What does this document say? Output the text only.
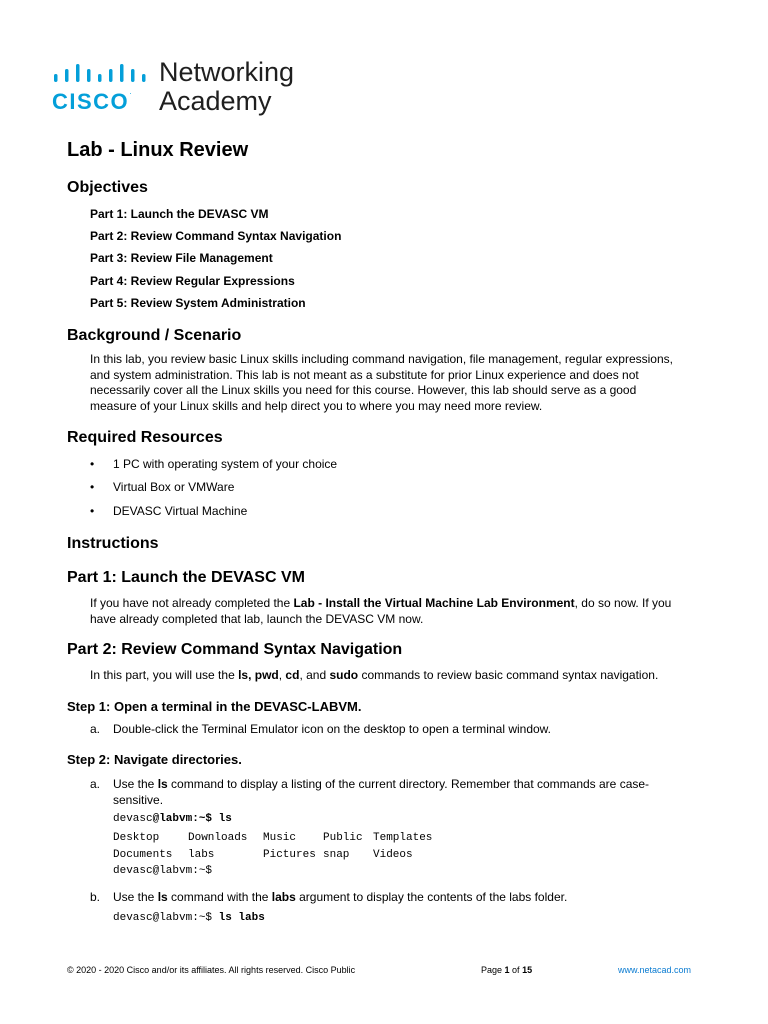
CISCO.
Networking
Academy
Lab - Linux Review
Objectives

Part 1: Launch the DEVASC VM

Part 2: Review Command Syntax Navigation

Part 3: Review File Management

Part 4: Review Regular Expressions

Part 5: Review System Administration

Background / Scenario
In this lab, you review basic Linux skills including command navigation, file management, regular expressions,
and system administration. This lab is not meant as a substitute for prior Linux experience and does not
necessarily cover all the Linux skills you need for this course. However, this lab should serve as a good
measure of your Linux skills and help direct you to where you may need more review.
Required Resources

• 1 PC with operating system of your choice

• Virtual Box or VMWare

• DEVASC Virtual Machine

Instructions
Part 1: Launch the DEVASC VM
If you have not already completed the Lab - Install the Virtual Machine Lab Environment, do so now. If you
have already completed that lab, launch the DEVASC VM now.
Part 2: Review Command Syntax Navigation

In this part, you will use the ls, pwd, cd, and sudo commands to review basic command syntax navigation.

Step 1: Open a terminal in the DEVASC-LABVM.
a.	Double-click the Terminal Emulator icon on the desktop to open a terminal window.
Step 2: Navigate directories.
a.	Use the ls command to display a listing of the current directory. Remember that commands are case-
sensitive.
devasc@labvm:~$ ls
Desktop	Downloads	Music	Public Templates
Documents	labs	Pictures snap	Videos
devasc@labvm:~$
b.	Use the ls command with the labs argument to display the contents of the labs folder.
devasc@labvm:~$ ls labs
© 2020 - 2020 Cisco and/or its affiliates. All rights reserved. Cisco Public	Page 1 of 15	www.netacad.com
